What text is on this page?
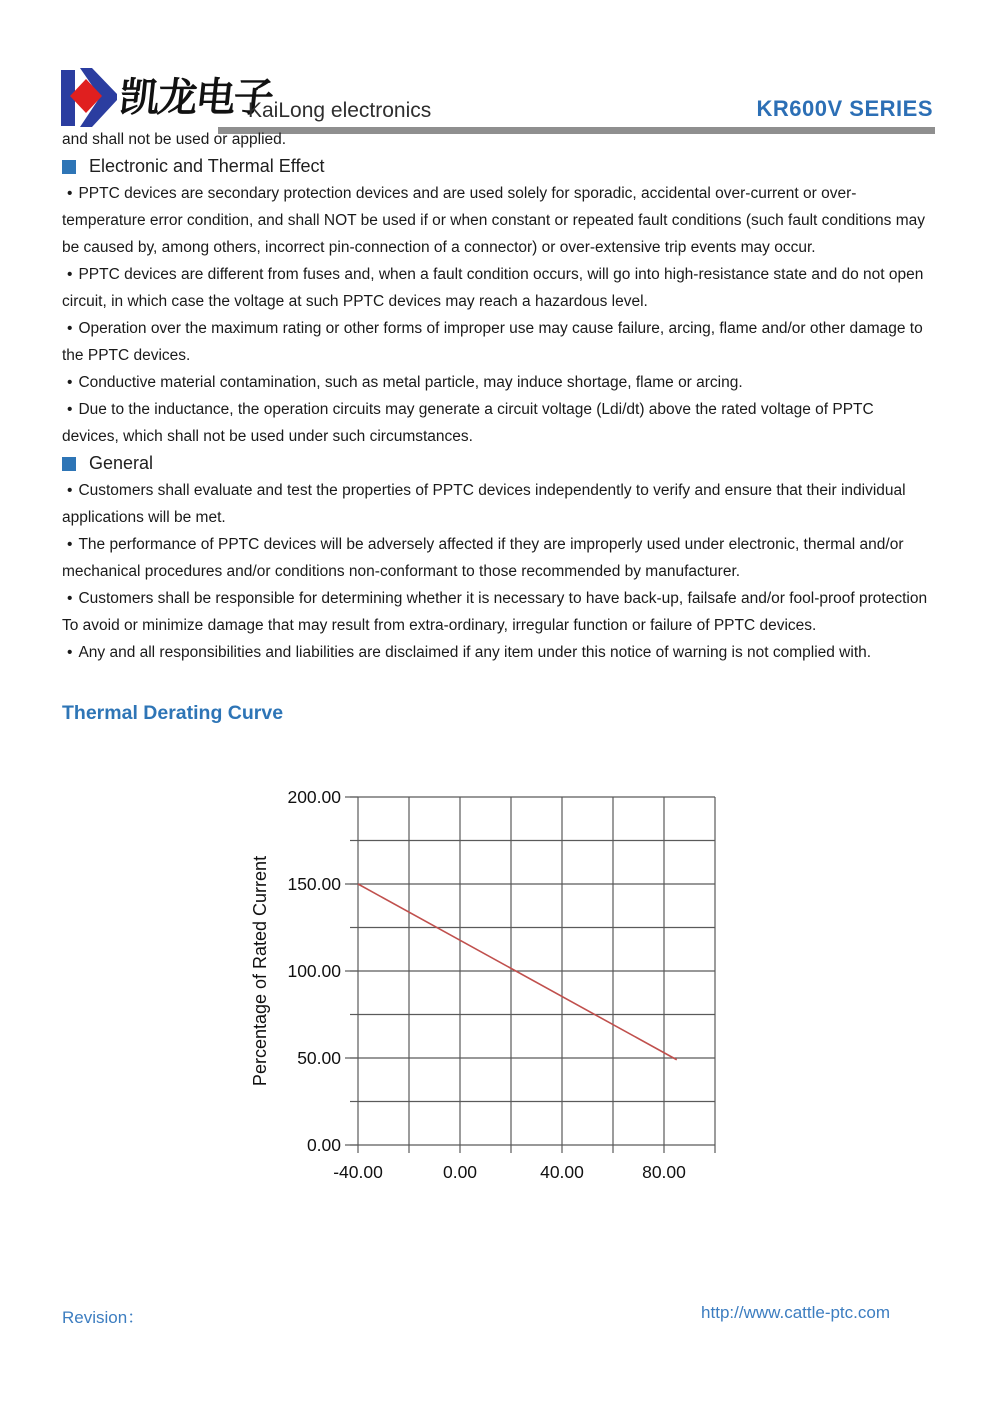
凯龙电子
KaiLong electronics	KR600V SERIES

and shall not be used or applied.

Electronic and Thermal Effect

• PPTC devices are secondary protection devices and are used solely for sporadic, accidental over-current or over-temperature error condition, and shall NOT be used if or when constant or repeated fault conditions (such fault conditions may be caused by, among others, incorrect pin-connection of a connector) or over-extensive trip events may occur.

• PPTC devices are different from fuses and, when a fault condition occurs, will go into high-resistance state and do not open circuit, in which case the voltage at such PPTC devices may reach a hazardous level.

• Operation over the maximum rating or other forms of improper use may cause failure, arcing, flame and/or other damage to the PPTC devices.

• Conductive material contamination, such as metal particle, may induce shortage, flame or arcing.

• Due to the inductance, the operation circuits may generate a circuit voltage (Ldi/dt) above the rated voltage of PPTC devices, which shall not be used under such circumstances.

General

• Customers shall evaluate and test the properties of PPTC devices independently to verify and ensure that their individual applications will be met.

• The performance of PPTC devices will be adversely affected if they are improperly used under electronic, thermal and/or mechanical procedures and/or conditions non-conformant to those recommended by manufacturer.

• Customers shall be responsible for determining whether it is necessary to have back-up, failsafe and/or fool-proof protection To avoid or minimize damage that may result from extra-ordinary, irregular function or failure of PPTC devices.

• Any and all responsibilities and liabilities are disclaimed if any item under this notice of warning is not complied with.

Thermal Derating Curve
-40.00	0.00	40.00	80.00
0.00
50.00
100.00
150.00
200.00
Percentage of Rated Current
Revision：	http://www.cattle-ptc.com
